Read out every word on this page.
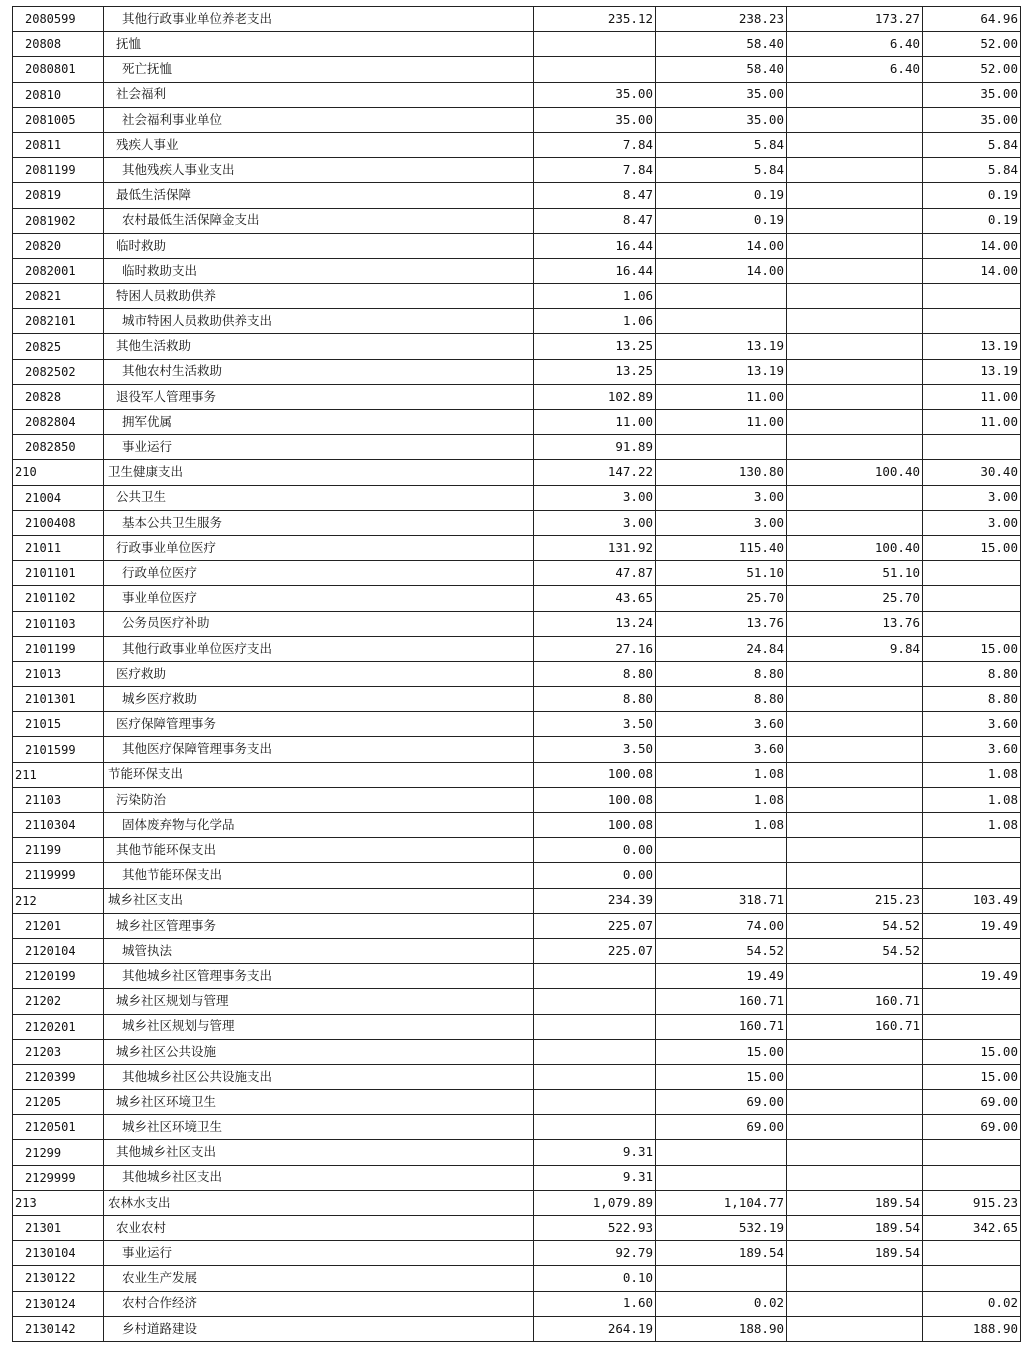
2080599	其他行政事业单位养老支出	235.12	238.23	173.27	64.96
20808	抚恤		58.40	6.40	52.00
2080801	死亡抚恤		58.40	6.40	52.00
20810	社会福利	35.00	35.00		35.00
2081005	社会福利事业单位	35.00	35.00		35.00
20811	残疾人事业	7.84	5.84		5.84
2081199	其他残疾人事业支出	7.84	5.84		5.84
20819	最低生活保障	8.47	0.19		0.19
2081902	农村最低生活保障金支出	8.47	0.19		0.19
20820	临时救助	16.44	14.00		14.00
2082001	临时救助支出	16.44	14.00		14.00
20821	特困人员救助供养	1.06			
2082101	城市特困人员救助供养支出	1.06			
20825	其他生活救助	13.25	13.19		13.19
2082502	其他农村生活救助	13.25	13.19		13.19
20828	退役军人管理事务	102.89	11.00		11.00
2082804	拥军优属	11.00	11.00		11.00
2082850	事业运行	91.89			
210	卫生健康支出	147.22	130.80	100.40	30.40
21004	公共卫生	3.00	3.00		3.00
2100408	基本公共卫生服务	3.00	3.00		3.00
21011	行政事业单位医疗	131.92	115.40	100.40	15.00
2101101	行政单位医疗	47.87	51.10	51.10	
2101102	事业单位医疗	43.65	25.70	25.70	
2101103	公务员医疗补助	13.24	13.76	13.76	
2101199	其他行政事业单位医疗支出	27.16	24.84	9.84	15.00
21013	医疗救助	8.80	8.80		8.80
2101301	城乡医疗救助	8.80	8.80		8.80
21015	医疗保障管理事务	3.50	3.60		3.60
2101599	其他医疗保障管理事务支出	3.50	3.60		3.60
211	节能环保支出	100.08	1.08		1.08
21103	污染防治	100.08	1.08		1.08
2110304	固体废弃物与化学品	100.08	1.08		1.08
21199	其他节能环保支出	0.00			
2119999	其他节能环保支出	0.00			
212	城乡社区支出	234.39	318.71	215.23	103.49
21201	城乡社区管理事务	225.07	74.00	54.52	19.49
2120104	城管执法	225.07	54.52	54.52	
2120199	其他城乡社区管理事务支出		19.49		19.49
21202	城乡社区规划与管理		160.71	160.71	
2120201	城乡社区规划与管理		160.71	160.71	
21203	城乡社区公共设施		15.00		15.00
2120399	其他城乡社区公共设施支出		15.00		15.00
21205	城乡社区环境卫生		69.00		69.00
2120501	城乡社区环境卫生		69.00		69.00
21299	其他城乡社区支出	9.31			
2129999	其他城乡社区支出	9.31			
213	农林水支出	1,079.89	1,104.77	189.54	915.23
21301	农业农村	522.93	532.19	189.54	342.65
2130104	事业运行	92.79	189.54	189.54	
2130122	农业生产发展	0.10			
2130124	农村合作经济	1.60	0.02		0.02
2130142	乡村道路建设	264.19	188.90		188.90
